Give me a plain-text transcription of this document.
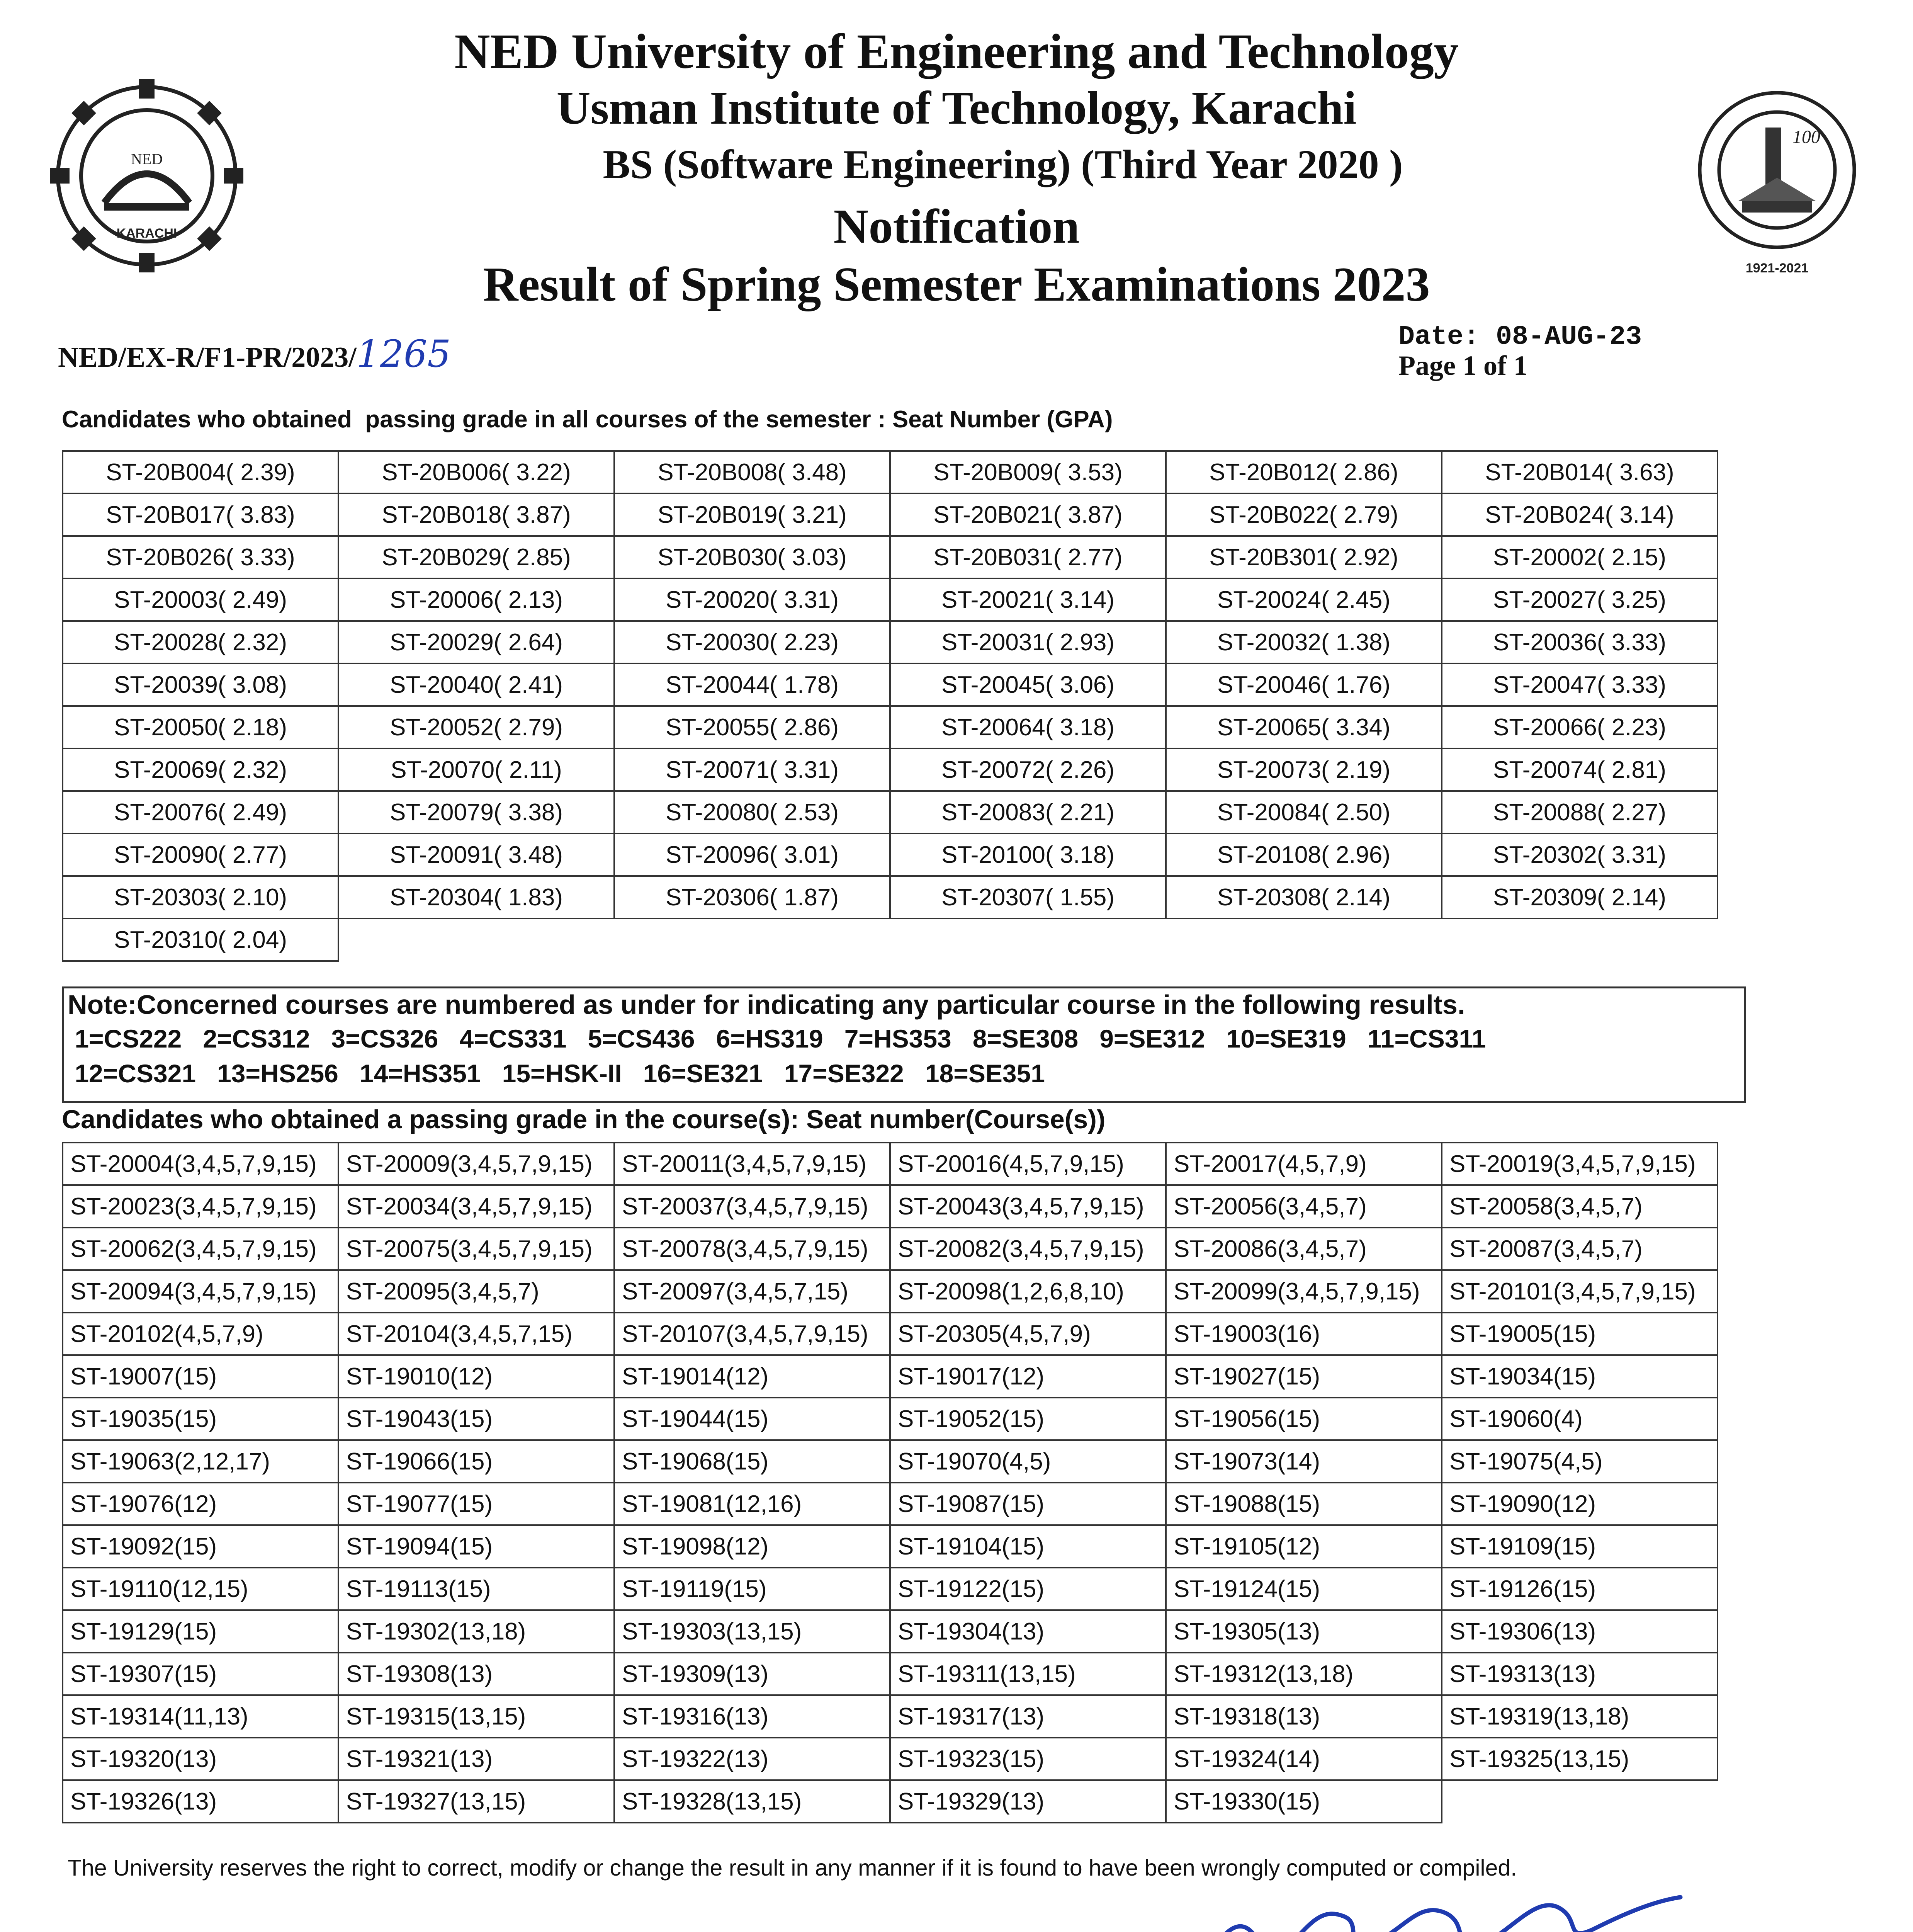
NED
KARACHI
100
1921-2021
NED University of Engineering and Technology
Usman Institute of Technology, Karachi
BS (Software Engineering) (Third Year 2020 )
Notification
Result of Spring Semester Examinations 2023
NED/EX-R/F1-PR/2023/1265	Date: 08-AUG-23
Page 1 of 1
Candidates who obtained  passing grade in all courses of the semester : Seat Number (GPA)
ST-20B004( 2.39)	ST-20B006( 3.22)	ST-20B008( 3.48)	ST-20B009( 3.53)	ST-20B012( 2.86)	ST-20B014( 3.63)
ST-20B017( 3.83)	ST-20B018( 3.87)	ST-20B019( 3.21)	ST-20B021( 3.87)	ST-20B022( 2.79)	ST-20B024( 3.14)
ST-20B026( 3.33)	ST-20B029( 2.85)	ST-20B030( 3.03)	ST-20B031( 2.77)	ST-20B301( 2.92)	ST-20002( 2.15)
ST-20003( 2.49)	ST-20006( 2.13)	ST-20020( 3.31)	ST-20021( 3.14)	ST-20024( 2.45)	ST-20027( 3.25)
ST-20028( 2.32)	ST-20029( 2.64)	ST-20030( 2.23)	ST-20031( 2.93)	ST-20032( 1.38)	ST-20036( 3.33)
ST-20039( 3.08)	ST-20040( 2.41)	ST-20044( 1.78)	ST-20045( 3.06)	ST-20046( 1.76)	ST-20047( 3.33)
ST-20050( 2.18)	ST-20052( 2.79)	ST-20055( 2.86)	ST-20064( 3.18)	ST-20065( 3.34)	ST-20066( 2.23)
ST-20069( 2.32)	ST-20070( 2.11)	ST-20071( 3.31)	ST-20072( 2.26)	ST-20073( 2.19)	ST-20074( 2.81)
ST-20076( 2.49)	ST-20079( 3.38)	ST-20080( 2.53)	ST-20083( 2.21)	ST-20084( 2.50)	ST-20088( 2.27)
ST-20090( 2.77)	ST-20091( 3.48)	ST-20096( 3.01)	ST-20100( 3.18)	ST-20108( 2.96)	ST-20302( 3.31)
ST-20303( 2.10)	ST-20304( 1.83)	ST-20306( 1.87)	ST-20307( 1.55)	ST-20308( 2.14)	ST-20309( 2.14)
ST-20310( 2.04)					
Note:Concerned courses are numbered as under for indicating any particular course in the following results.
1=CS222   2=CS312   3=CS326   4=CS331   5=CS436   6=HS319   7=HS353   8=SE308   9=SE312   10=SE319   11=CS311
12=CS321   13=HS256   14=HS351   15=HSK-II   16=SE321   17=SE322   18=SE351
Candidates who obtained a passing grade in the course(s): Seat number(Course(s))
ST-20004(3,4,5,7,9,15)	ST-20009(3,4,5,7,9,15)	ST-20011(3,4,5,7,9,15)	ST-20016(4,5,7,9,15)	ST-20017(4,5,7,9)	ST-20019(3,4,5,7,9,15)
ST-20023(3,4,5,7,9,15)	ST-20034(3,4,5,7,9,15)	ST-20037(3,4,5,7,9,15)	ST-20043(3,4,5,7,9,15)	ST-20056(3,4,5,7)	ST-20058(3,4,5,7)
ST-20062(3,4,5,7,9,15)	ST-20075(3,4,5,7,9,15)	ST-20078(3,4,5,7,9,15)	ST-20082(3,4,5,7,9,15)	ST-20086(3,4,5,7)	ST-20087(3,4,5,7)
ST-20094(3,4,5,7,9,15)	ST-20095(3,4,5,7)	ST-20097(3,4,5,7,15)	ST-20098(1,2,6,8,10)	ST-20099(3,4,5,7,9,15)	ST-20101(3,4,5,7,9,15)
ST-20102(4,5,7,9)	ST-20104(3,4,5,7,15)	ST-20107(3,4,5,7,9,15)	ST-20305(4,5,7,9)	ST-19003(16)	ST-19005(15)
ST-19007(15)	ST-19010(12)	ST-19014(12)	ST-19017(12)	ST-19027(15)	ST-19034(15)
ST-19035(15)	ST-19043(15)	ST-19044(15)	ST-19052(15)	ST-19056(15)	ST-19060(4)
ST-19063(2,12,17)	ST-19066(15)	ST-19068(15)	ST-19070(4,5)	ST-19073(14)	ST-19075(4,5)
ST-19076(12)	ST-19077(15)	ST-19081(12,16)	ST-19087(15)	ST-19088(15)	ST-19090(12)
ST-19092(15)	ST-19094(15)	ST-19098(12)	ST-19104(15)	ST-19105(12)	ST-19109(15)
ST-19110(12,15)	ST-19113(15)	ST-19119(15)	ST-19122(15)	ST-19124(15)	ST-19126(15)
ST-19129(15)	ST-19302(13,18)	ST-19303(13,15)	ST-19304(13)	ST-19305(13)	ST-19306(13)
ST-19307(15)	ST-19308(13)	ST-19309(13)	ST-19311(13,15)	ST-19312(13,18)	ST-19313(13)
ST-19314(11,13)	ST-19315(13,15)	ST-19316(13)	ST-19317(13)	ST-19318(13)	ST-19319(13,18)
ST-19320(13)	ST-19321(13)	ST-19322(13)	ST-19323(15)	ST-19324(14)	ST-19325(13,15)
ST-19326(13)	ST-19327(13,15)	ST-19328(13,15)	ST-19329(13)	ST-19330(15)	
The University reserves the right to correct, modify or change the result in any manner if it is found to have been wrongly computed or compiled.
